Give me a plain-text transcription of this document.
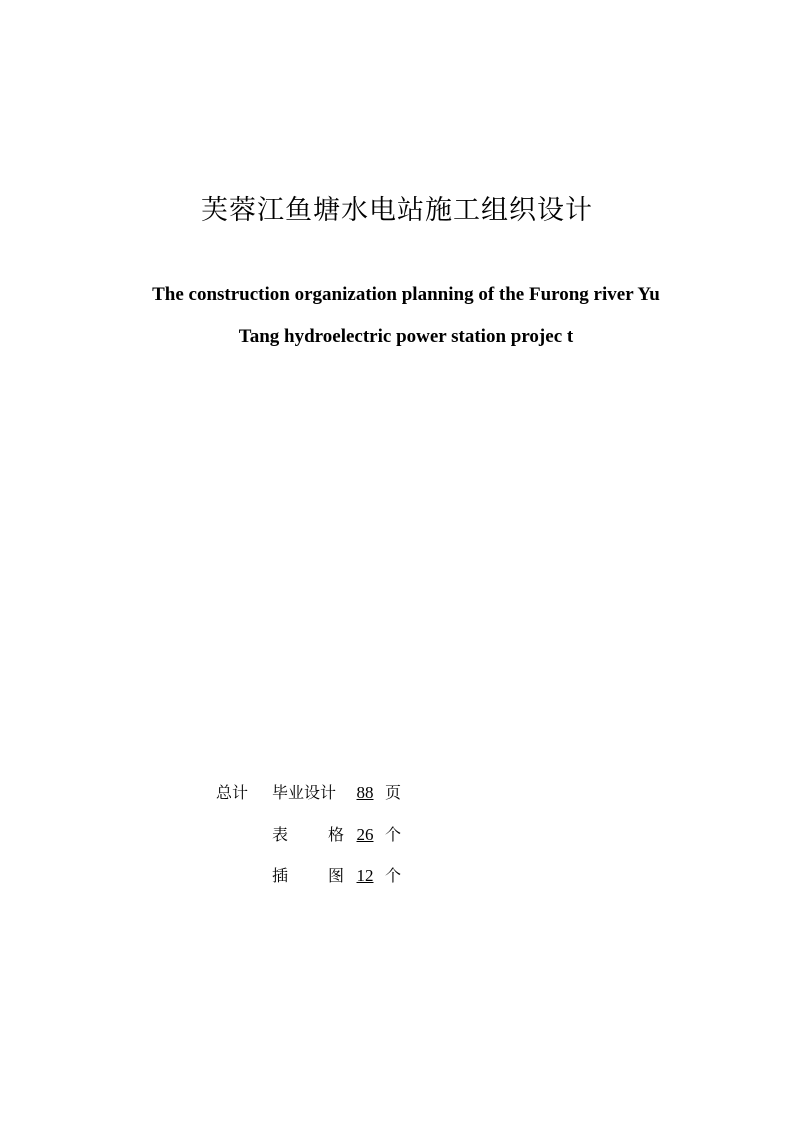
芙蓉江鱼塘水电站施工组织设计
The construction organization planning of the Furong river Yu
Tang hydroelectric power station projec t
总计 毕业设计	88 页
表 格 26 个
插 图 12 个
